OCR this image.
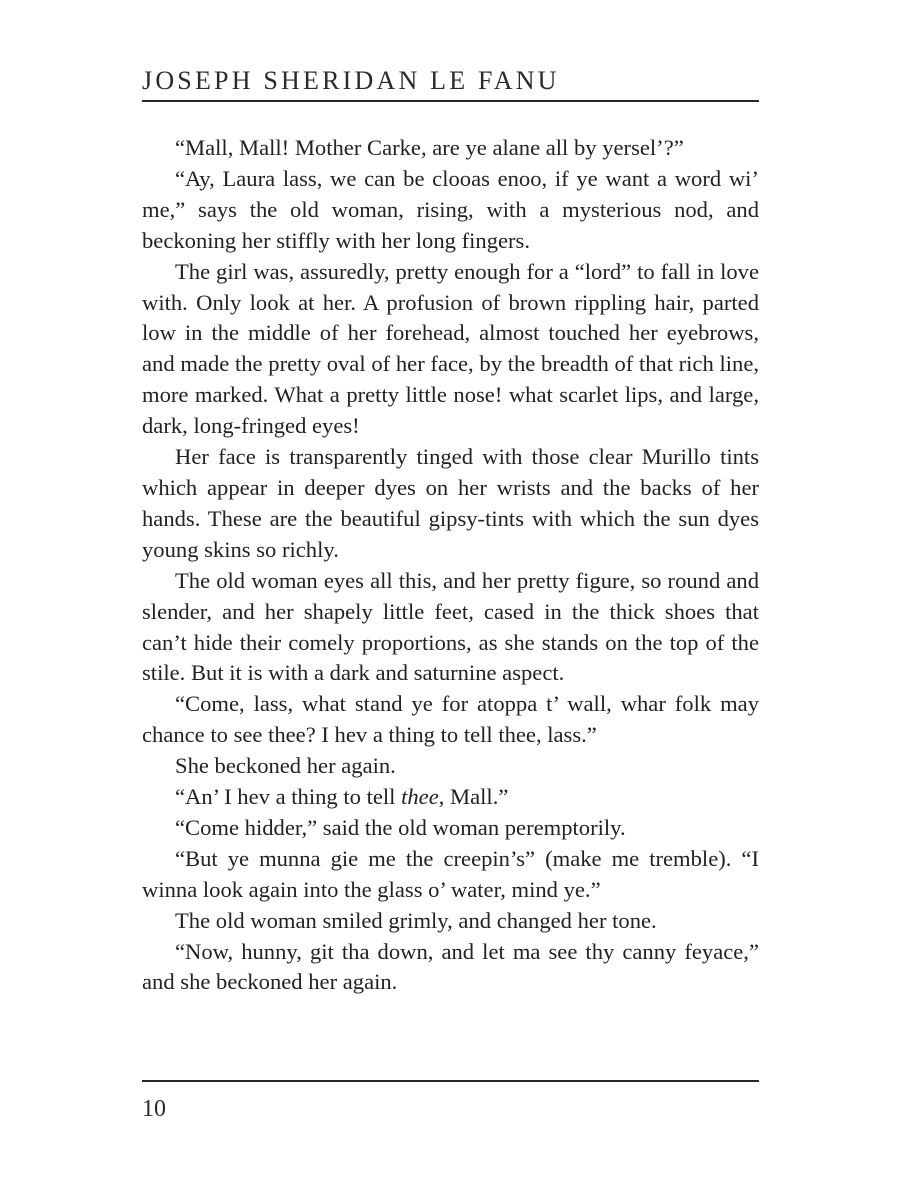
JOSEPH SHERIDAN LE FANU

“Mall, Mall! Mother Carke, are ye alane all by yersel’?”

“Ay, Laura lass, we can be clooas enoo, if ye want a word wi’ me,” says the old woman, rising, with a mysterious nod, and beckoning her stiffly with her long fingers.

The girl was, assuredly, pretty enough for a “lord” to fall in love with. Only look at her. A profusion of brown rippling hair, parted low in the middle of her forehead, almost touched her eyebrows, and made the pretty oval of her face, by the breadth of that rich line, more marked. What a pretty little nose! what scarlet lips, and large, dark, long-fringed eyes!

Her face is transparently tinged with those clear Murillo tints which appear in deeper dyes on her wrists and the backs of her hands. These are the beautiful gipsy-tints with which the sun dyes young skins so richly.

The old woman eyes all this, and her pretty figure, so round and slender, and her shapely little feet, cased in the thick shoes that can’t hide their comely proportions, as she stands on the top of the stile. But it is with a dark and saturnine aspect.

“Come, lass, what stand ye for atoppa t’ wall, whar folk may chance to see thee? I hev a thing to tell thee, lass.”

She beckoned her again.

“An’ I hev a thing to tell thee, Mall.”

“Come hidder,” said the old woman peremptorily.

“But ye munna gie me the creepin’s” (make me tremble). “I winna look again into the glass o’ water, mind ye.”

The old woman smiled grimly, and changed her tone.

“Now, hunny, git tha down, and let ma see thy canny feyace,” and she beckoned her again.

10
